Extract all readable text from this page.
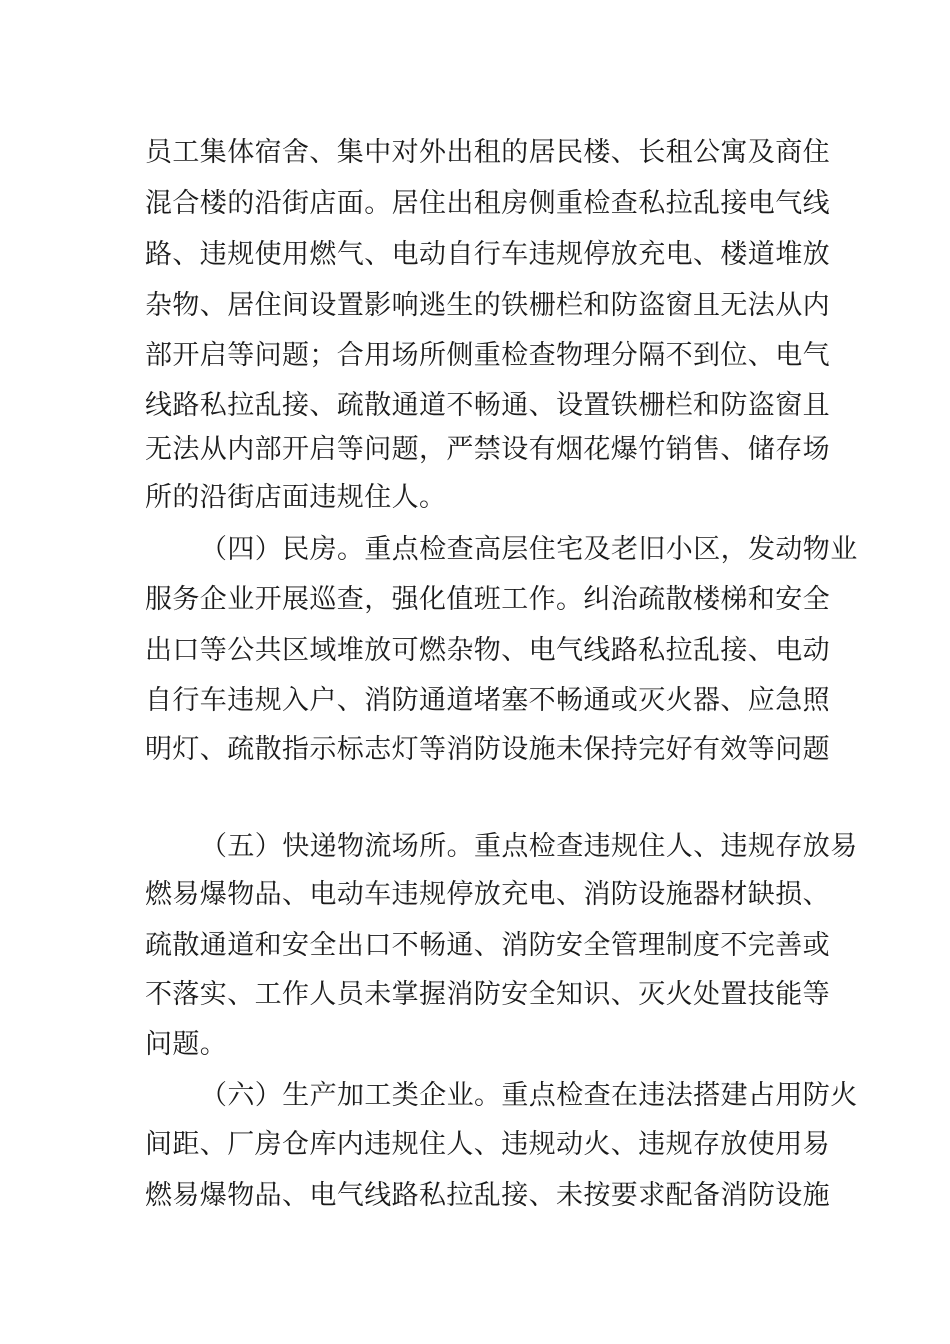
员工集体宿舍、集中对外出租的居民楼、长租公寓及商住
混合楼的沿街店面。居住出租房侧重检查私拉乱接电气线
路、违规使用燃气、电动自行车违规停放充电、楼道堆放
杂物、居住间设置影响逃生的铁栅栏和防盗窗且无法从内
部开启等问题；合用场所侧重检查物理分隔不到位、电气
线路私拉乱接、疏散通道不畅通、设置铁栅栏和防盗窗且
无法从内部开启等问题，严禁设有烟花爆竹销售、储存场
所的沿街店面违规住人。
（四）民房。重点检查高层住宅及老旧小区，发动物业
服务企业开展巡查，强化值班工作。纠治疏散楼梯和安全
出口等公共区域堆放可燃杂物、电气线路私拉乱接、电动
自行车违规入户、消防通道堵塞不畅通或灭火器、应急照
明灯、疏散指示标志灯等消防设施未保持完好有效等问题
（五）快递物流场所。重点检查违规住人、违规存放易
燃易爆物品、电动车违规停放充电、消防设施器材缺损、
疏散通道和安全出口不畅通、消防安全管理制度不完善或
不落实、工作人员未掌握消防安全知识、灭火处置技能等
问题。
（六）生产加工类企业。重点检查在违法搭建占用防火
间距、厂房仓库内违规住人、违规动火、违规存放使用易
燃易爆物品、电气线路私拉乱接、未按要求配备消防设施
